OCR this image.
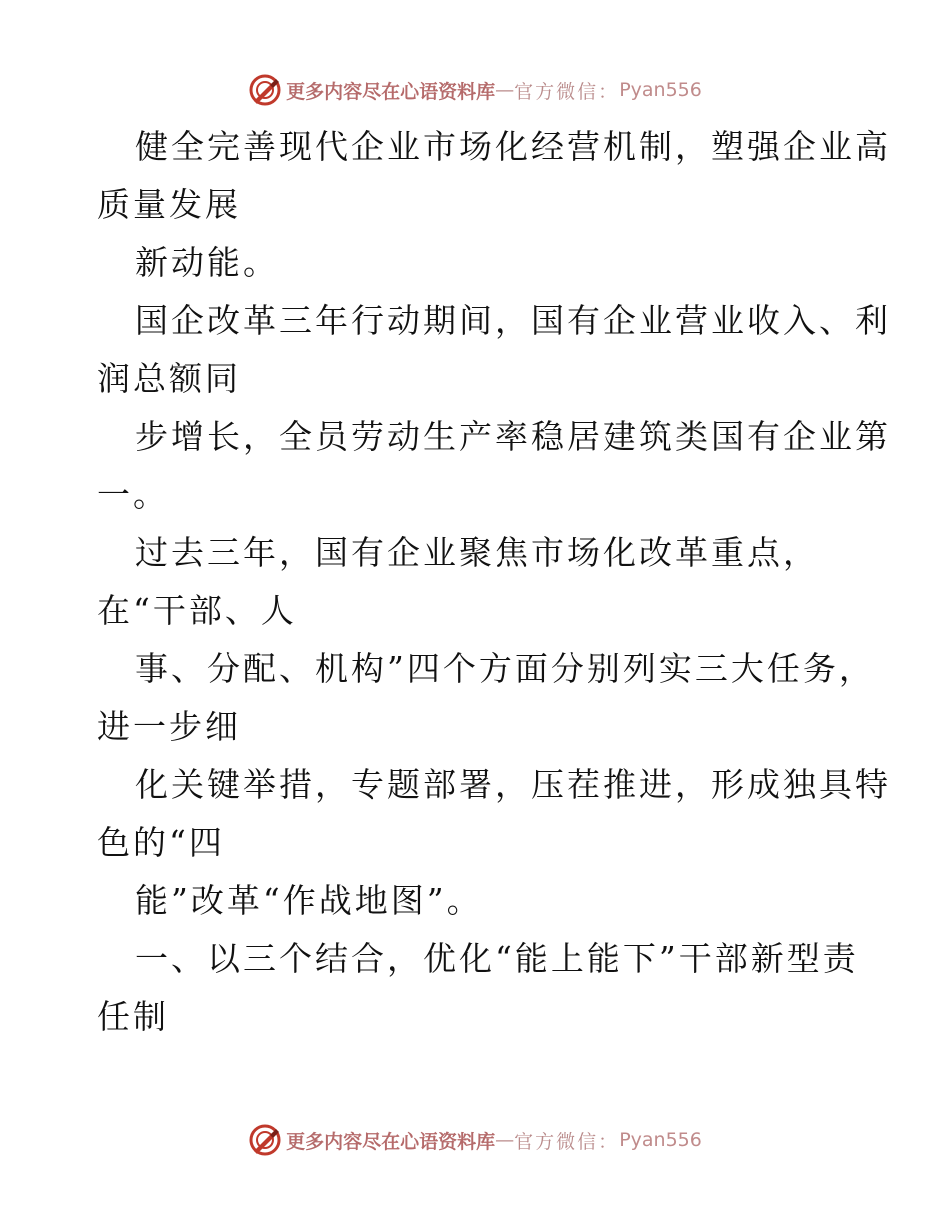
更多内容尽在心语资料库 — 官方微信： Pyan556
健全完善现代企业市场化经营机制，塑强企业高
质量发展
新动能。
国企改革三年行动期间，国有企业营业收入、利
润总额同
步增长，全员劳动生产率稳居建筑类国有企业第
一。
过去三年，国有企业聚焦市场化改革重点，
在“干部、人
事、分配、机构”四个方面分别列实三大任务，
进一步细
化关键举措，专题部署，压茬推进，形成独具特
色的“四
能”改革“作战地图”。
一、以三个结合，优化“能上能下”干部新型责
任制
更多内容尽在心语资料库 — 官方微信： Pyan556
